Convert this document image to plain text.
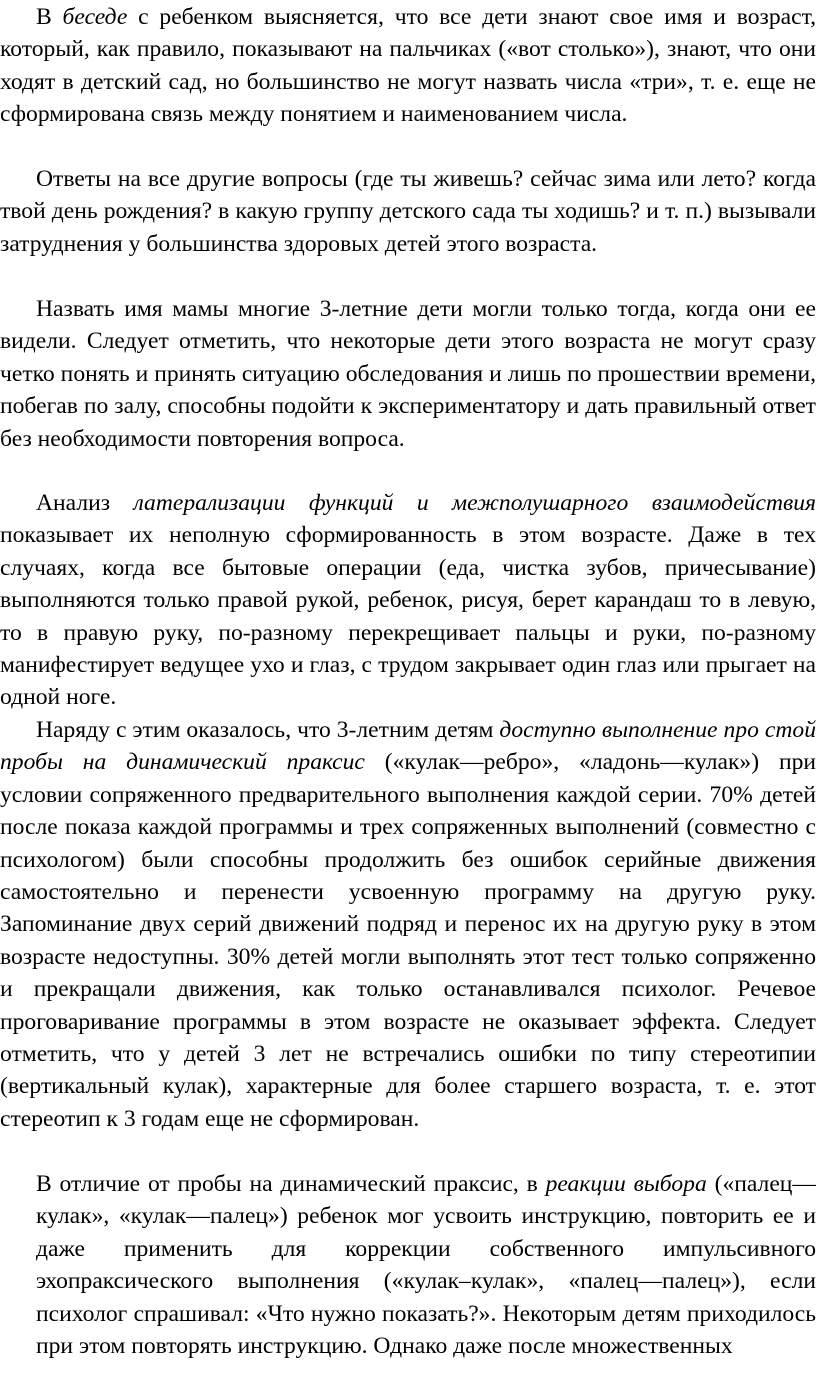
В беседе с ребенком выясняется, что все дети знают свое имя и возраст, который, как правило, показывают на пальчиках («вот столько»), знают, что они ходят в детский сад, но большинство не могут назвать числа «три», т. е. еще не сформирована связь между понятием и наименованием числа.

Ответы на все другие вопросы (где ты живешь? сейчас зима или лето? когда твой день рождения? в какую группу детского сада ты ходишь? и т. п.) вызывали затруднения у большинства здоровых детей этого возраста.

Назвать имя мамы многие 3-летние дети могли только тогда, когда они ее видели. Следует отметить, что некоторые дети этого возраста не могут сразу четко понять и принять ситуацию обследования и лишь по прошествии времени, побегав по залу, способны подойти к экспериментатору и дать правильный ответ без необходимости повторения вопроса.

Анализ латерализации функций и межполушарного взаимодействия показывает их неполную сформированность в этом возрасте. Даже в тех случаях, когда все бытовые операции (еда, чистка зубов, причесывание) выполняются только правой рукой, ребенок, рисуя, берет карандаш то в левую, то в правую руку, по-разному перекрещивает пальцы и руки, по-разному манифестирует ведущее ухо и глаз, с трудом закрывает один глаз или прыгает на одной ноге.

Наряду с этим оказалось, что 3-летним детям доступно выполнение про стой пробы на динамический праксис («кулак—ребро», «ладонь—кулак») при условии сопряженного предварительного выполнения каждой серии. 70% детей после показа каждой программы и трех сопряженных выполнений (совместно с психологом) были способны продолжить без ошибок серийные движения самостоятельно и перенести усвоенную программу на другую руку. Запоминание двух серий движений подряд и перенос их на другую руку в этом возрасте недоступны. 30% детей могли выполнять этот тест только сопряженно и прекращали движения, как только останавливался психолог. Речевое проговаривание программы в этом возрасте не оказывает эффекта. Следует отметить, что у детей 3 лет не встречались ошибки по типу стереотипии (вертикальный кулак), характерные для более старшего возраста, т. е. этот стереотип к 3 годам еще не сформирован.

В отличие от пробы на динамический праксис, в реакции выбора («палец—кулак», «кулак—палец») ребенок мог усвоить инструкцию, повторить ее и даже применить для коррекции собственного импульсивного эхопраксического выполнения («кулак–кулак», «палец—палец»), если психолог спрашивал: «Что нужно показать?». Некоторым детям приходилось при этом повторять инструкцию. Однако даже после множественных
